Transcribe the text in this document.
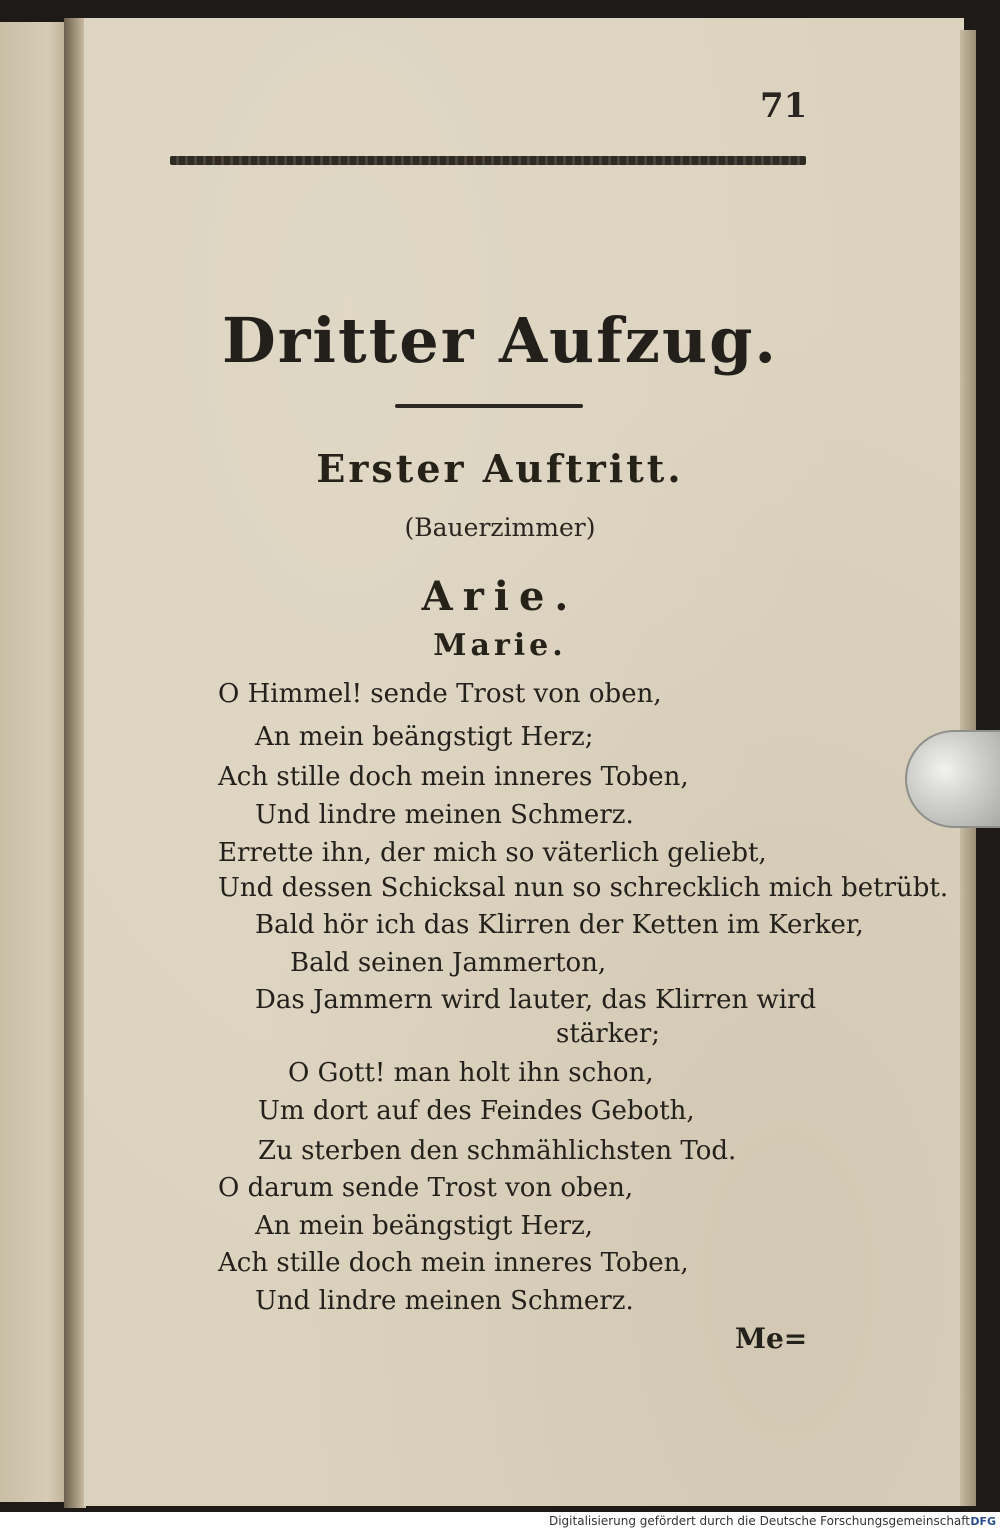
71
Dritter Aufzug.
Erster Auftritt.
(Bauerzimmer)
Arie.
Marie.
O Himmel! sende Trost von oben,
An mein beängstigt Herz;
Ach stille doch mein inneres Toben,
Und lindre meinen Schmerz.
Errette ihn, der mich so väterlich geliebt,
Und dessen Schicksal nun so schrecklich mich betrübt.
Bald hör ich das Klirren der Ketten im Kerker,
Bald seinen Jammerton,
Das Jammern wird lauter, das Klirren wird
stärker;
O Gott! man holt ihn schon,
Um dort auf des Feindes Geboth,
Zu sterben den schmählichsten Tod.
O darum sende Trost von oben,
An mein beängstigt Herz,
Ach stille doch mein inneres Toben,
Und lindre meinen Schmerz.
Me=
Digitalisierung gefördert durch die Deutsche Forschungsgemeinschaft DFG
